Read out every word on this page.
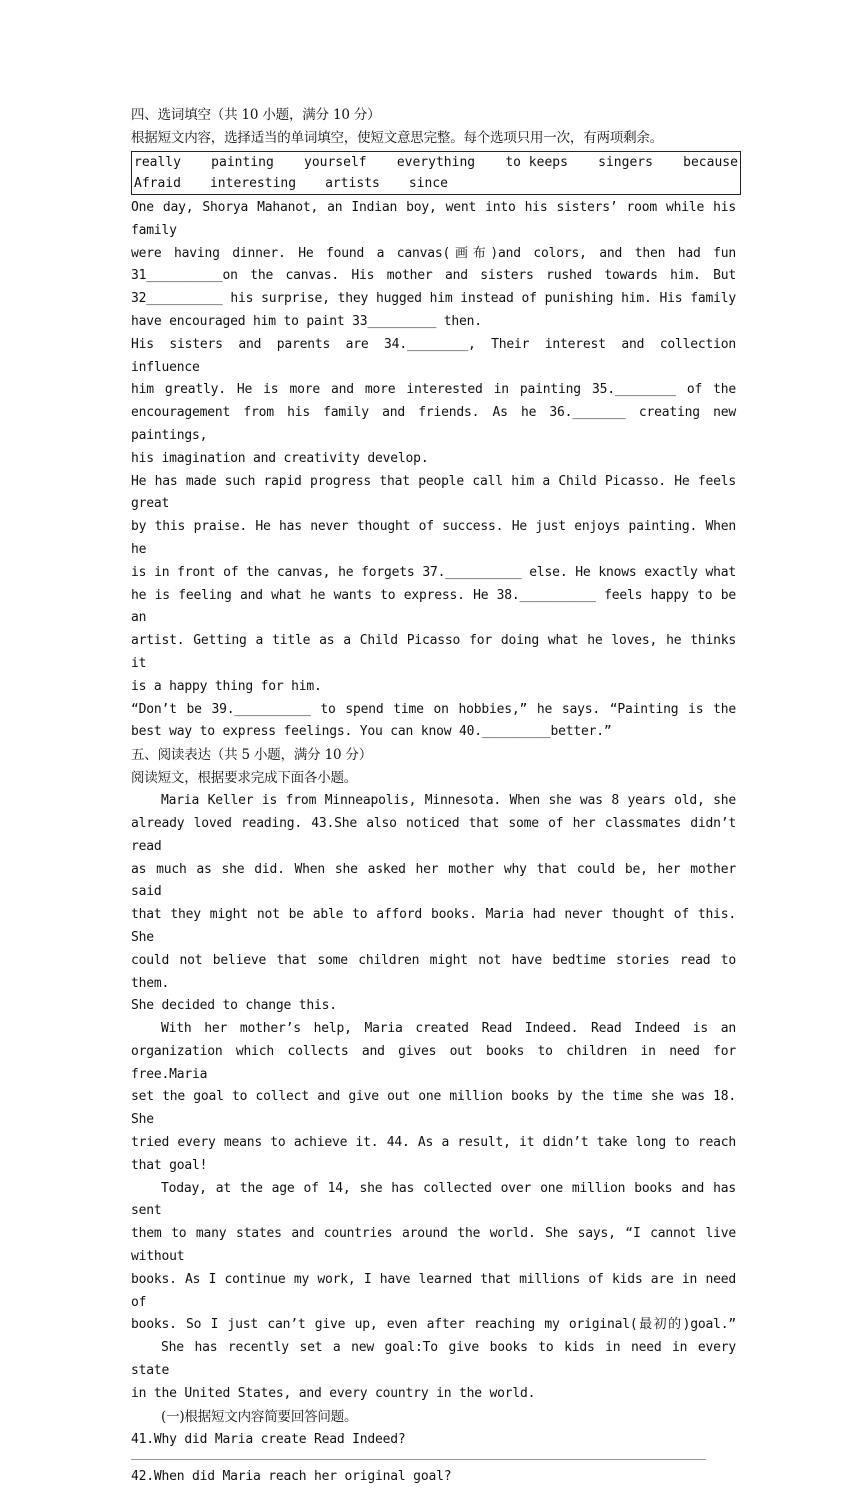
四、选词填空（共 10 小题，满分 10 分）
根据短文内容，选择适当的单词填空，使短文意思完整。每个选项只用一次，有两项剩余。
really painting yourself everything to keeps singers because
Afraid interesting artists since
One day, Shorya Mahanot, an Indian boy, went into his sisters’ room while his family
were having dinner. He found a canvas(画布)and colors, and then had fun
31__________on the canvas. His mother and sisters rushed towards him. But
32__________ his surprise, they hugged him instead of punishing him. His family
have encouraged him to paint 33_________ then.
His sisters and parents are 34.________, Their interest and collection influence
him greatly. He is more and more interested in painting 35.________ of the
encouragement from his family and friends. As he 36._______ creating new paintings,
his imagination and creativity develop.
He has made such rapid progress that people call him a Child Picasso. He feels great
by this praise. He has never thought of success. He just enjoys painting. When he
is in front of the canvas, he forgets 37.__________ else. He knows exactly what
he is feeling and what he wants to express. He 38.__________ feels happy to be an
artist. Getting a title as a Child Picasso for doing what he loves, he thinks it
is a happy thing for him.
“Don’t be 39.__________ to spend time on hobbies,” he says. “Painting is the
best way to express feelings. You can know 40._________better.”
五、阅读表达（共 5 小题，满分 10 分）
阅读短文，根据要求完成下面各小题。
Maria Keller is from Minneapolis, Minnesota. When she was 8 years old, she
already loved reading. 43.She also noticed that some of her classmates didn’t read
as much as she did. When she asked her mother why that could be, her mother said
that they might not be able to afford books. Maria had never thought of this. She
could not believe that some children might not have bedtime stories read to them.
She decided to change this.
With her mother’s help, Maria created Read Indeed. Read Indeed is an
organization which collects and gives out books to children in need for free.Maria
set the goal to collect and give out one million books by the time she was 18. She
tried every means to achieve it. 44. As a result, it didn’t take long to reach
that goal!
Today, at the age of 14, she has collected over one million books and has sent
them to many states and countries around the world. She says, “I cannot live without
books. As I continue my work, I have learned that millions of kids are in need of
books. So I just can’t give up, even after reaching my original(最初的)goal.”
She has recently set a new goal:To give books to kids in need in every state
in the United States, and every country in the world.
(一)根据短文内容简要回答问题。
41.Why did Maria create Read Indeed?
42.When did Maria reach her original goal?
